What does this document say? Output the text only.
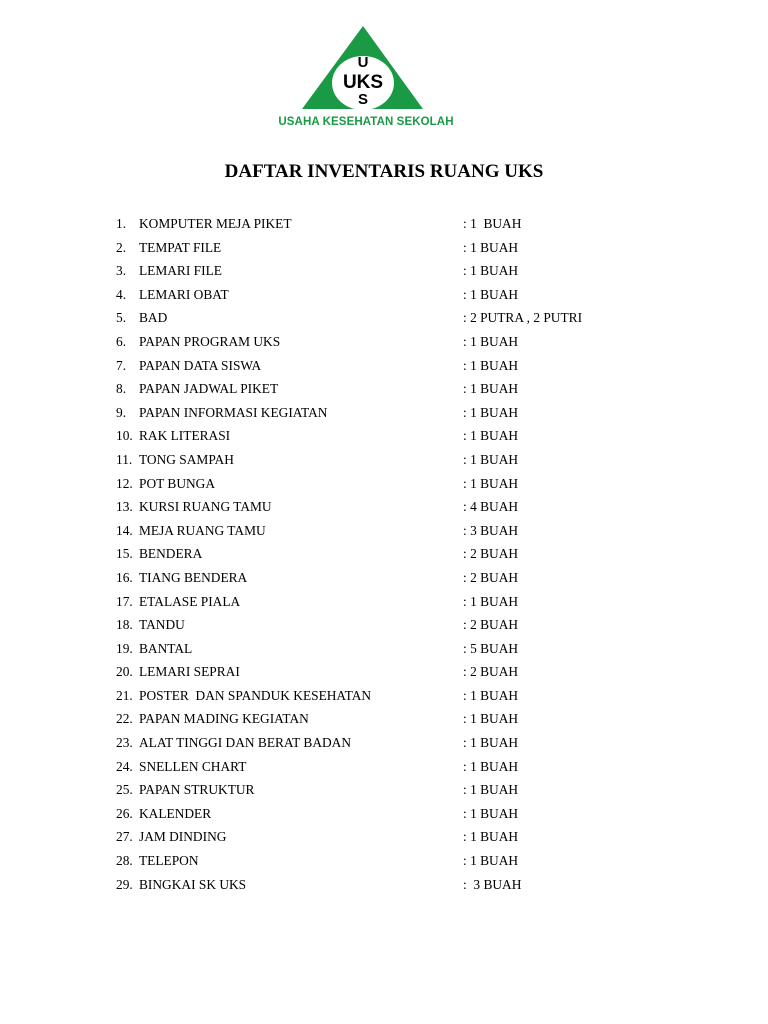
U
UKS
S
USAHA KESEHATAN SEKOLAH
DAFTAR INVENTARIS RUANG UKS
1. KOMPUTER MEJA PIKET	: 1  BUAH
2. TEMPAT FILE	: 1 BUAH
3. LEMARI FILE	: 1 BUAH
4. LEMARI OBAT	: 1 BUAH
5. BAD	: 2 PUTRA , 2 PUTRI
6. PAPAN PROGRAM UKS	: 1 BUAH
7. PAPAN DATA SISWA	: 1 BUAH
8. PAPAN JADWAL PIKET	: 1 BUAH
9. PAPAN INFORMASI KEGIATAN	: 1 BUAH
10. RAK LITERASI	: 1 BUAH
11. TONG SAMPAH	: 1 BUAH
12. POT BUNGA	: 1 BUAH
13. KURSI RUANG TAMU	: 4 BUAH
14. MEJA RUANG TAMU	: 3 BUAH
15. BENDERA	: 2 BUAH
16. TIANG BENDERA	: 2 BUAH
17. ETALASE PIALA	: 1 BUAH
18. TANDU	: 2 BUAH
19. BANTAL	: 5 BUAH
20. LEMARI SEPRAI	: 2 BUAH
21. POSTER  DAN SPANDUK KESEHATAN	: 1 BUAH
22. PAPAN MADING KEGIATAN	: 1 BUAH
23. ALAT TINGGI DAN BERAT BADAN	: 1 BUAH
24. SNELLEN CHART	: 1 BUAH
25. PAPAN STRUKTUR	: 1 BUAH
26. KALENDER	: 1 BUAH
27. JAM DINDING	: 1 BUAH
28. TELEPON	: 1 BUAH
29. BINGKAI SK UKS	:  3 BUAH
